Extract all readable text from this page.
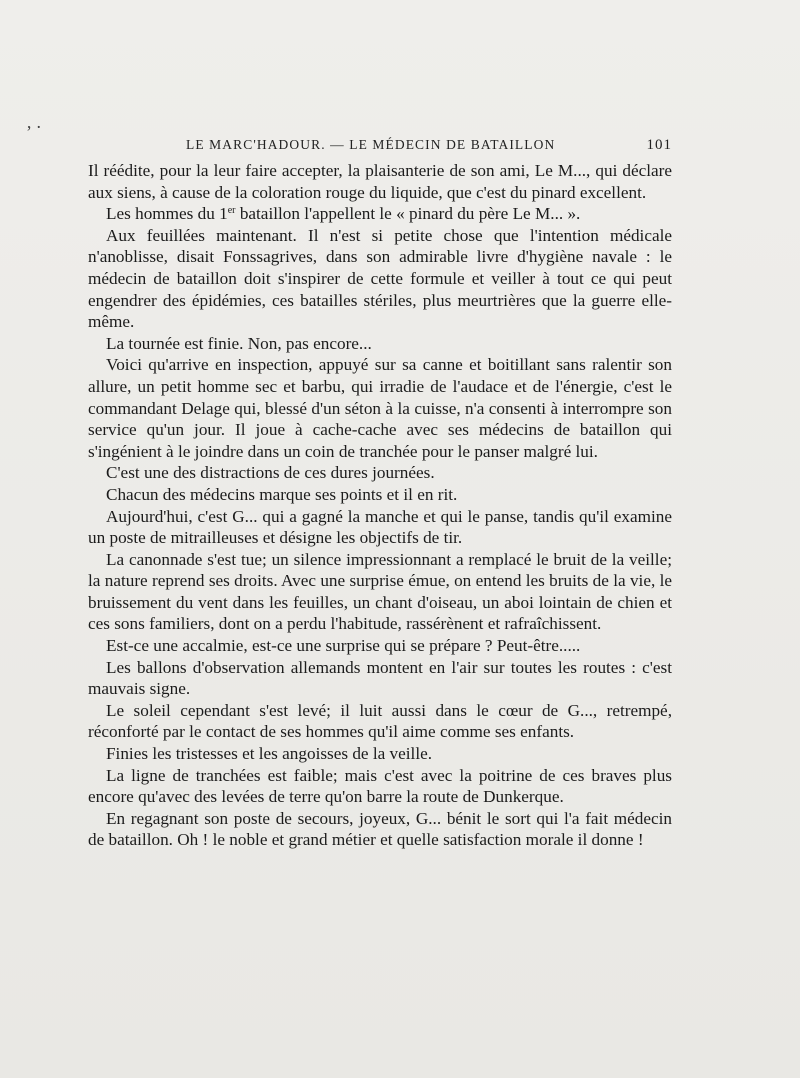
‚ .
LE MARC'HADOUR. — LE MÉDECIN DE BATAILLON	101

Il réédite, pour la leur faire accepter, la plaisanterie de son ami, Le M..., qui déclare aux siens, à cause de la coloration rouge du liquide, que c'est du pinard excellent.

Les hommes du 1er bataillon l'appellent le « pinard du père Le M... ».

Aux feuillées maintenant. Il n'est si petite chose que l'intention médicale n'anoblisse, disait Fonssagrives, dans son admirable livre d'hygiène navale : le médecin de bataillon doit s'inspirer de cette formule et veiller à tout ce qui peut engendrer des épidémies, ces batailles stériles, plus meurtrières que la guerre elle-même.

La tournée est finie. Non, pas encore...

Voici qu'arrive en inspection, appuyé sur sa canne et boitillant sans ralentir son allure, un petit homme sec et barbu, qui irradie de l'audace et de l'énergie, c'est le commandant Delage qui, blessé d'un séton à la cuisse, n'a consenti à interrompre son service qu'un jour. Il joue à cache-cache avec ses médecins de bataillon qui s'ingénient à le joindre dans un coin de tranchée pour le panser malgré lui.

C'est une des distractions de ces dures journées.

Chacun des médecins marque ses points et il en rit.

Aujourd'hui, c'est G... qui a gagné la manche et qui le panse, tandis qu'il examine un poste de mitrailleuses et désigne les objectifs de tir.

La canonnade s'est tue; un silence impressionnant a remplacé le bruit de la veille; la nature reprend ses droits. Avec une surprise émue, on entend les bruits de la vie, le bruissement du vent dans les feuilles, un chant d'oiseau, un aboi lointain de chien et ces sons familiers, dont on a perdu l'habitude, rassérènent et rafraîchissent.

Est-ce une accalmie, est-ce une surprise qui se prépare ? Peut-être.....

Les ballons d'observation allemands montent en l'air sur toutes les routes : c'est mauvais signe.

Le soleil cependant s'est levé; il luit aussi dans le cœur de G..., retrempé, réconforté par le contact de ses hommes qu'il aime comme ses enfants.

Finies les tristesses et les angoisses de la veille.

La ligne de tranchées est faible; mais c'est avec la poitrine de ces braves plus encore qu'avec des levées de terre qu'on barre la route de Dunkerque.

En regagnant son poste de secours, joyeux, G... bénit le sort qui l'a fait médecin de bataillon. Oh ! le noble et grand métier et quelle satisfaction morale il donne !
